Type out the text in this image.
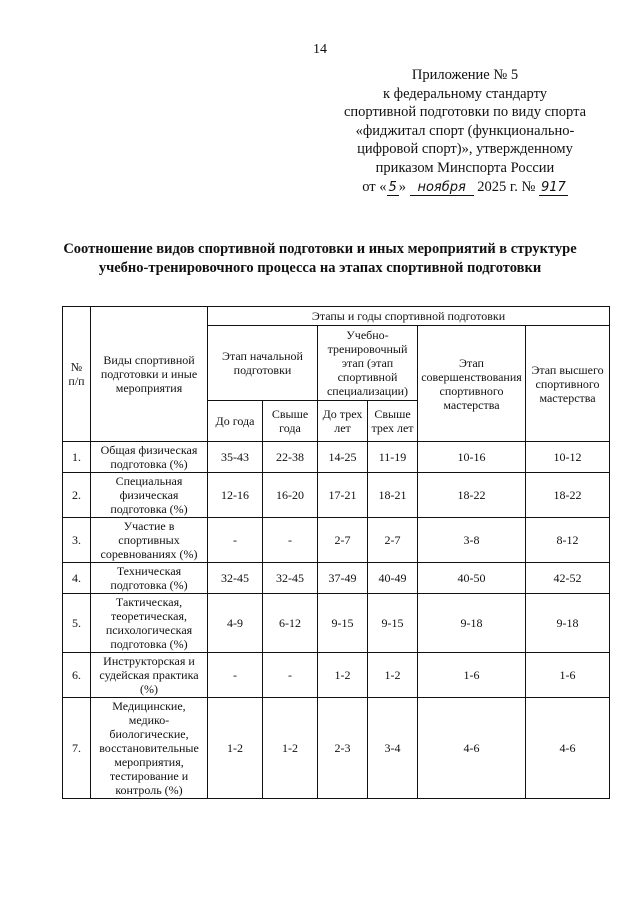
14
Приложение № 5
к федеральному стандарту
спортивной подготовки по виду спорта
«фиджитал спорт (функционально-
цифровой спорт)», утвержденному
приказом Минспорта России
от « 5 » ноября 2025 г. № 917
Соотношение видов спортивной подготовки и иных мероприятий в структуре
учебно-тренировочного процесса на этапах спортивной подготовки
№ п/п	Виды спортивной подготовки и иные мероприятия	Этапы и годы спортивной подготовки					
		Этап начальной подготовки		Учебно-тренировочный этап (этап спортивной специализации)		Этап совершенствования спортивного мастерства	Этап высшего спортивного мастерства
		До года	Свыше года	До трех лет	Свыше трех лет		
1.	Общая физическая подготовка (%)	35-43	22-38	14-25	11-19	10-16	10-12
2.	Специальная физическая подготовка (%)	12-16	16-20	17-21	18-21	18-22	18-22
3.	Участие в спортивных соревнованиях (%)	-	-	2-7	2-7	3-8	8-12
4.	Техническая подготовка (%)	32-45	32-45	37-49	40-49	40-50	42-52
5.	Тактическая, теоретическая, психологическая подготовка (%)	4-9	6-12	9-15	9-15	9-18	9-18
6.	Инструкторская и судейская практика (%)	-	-	1-2	1-2	1-6	1-6
7.	Медицинские, медико-биологические, восстановительные мероприятия, тестирование и контроль (%)	1-2	1-2	2-3	3-4	4-6	4-6
